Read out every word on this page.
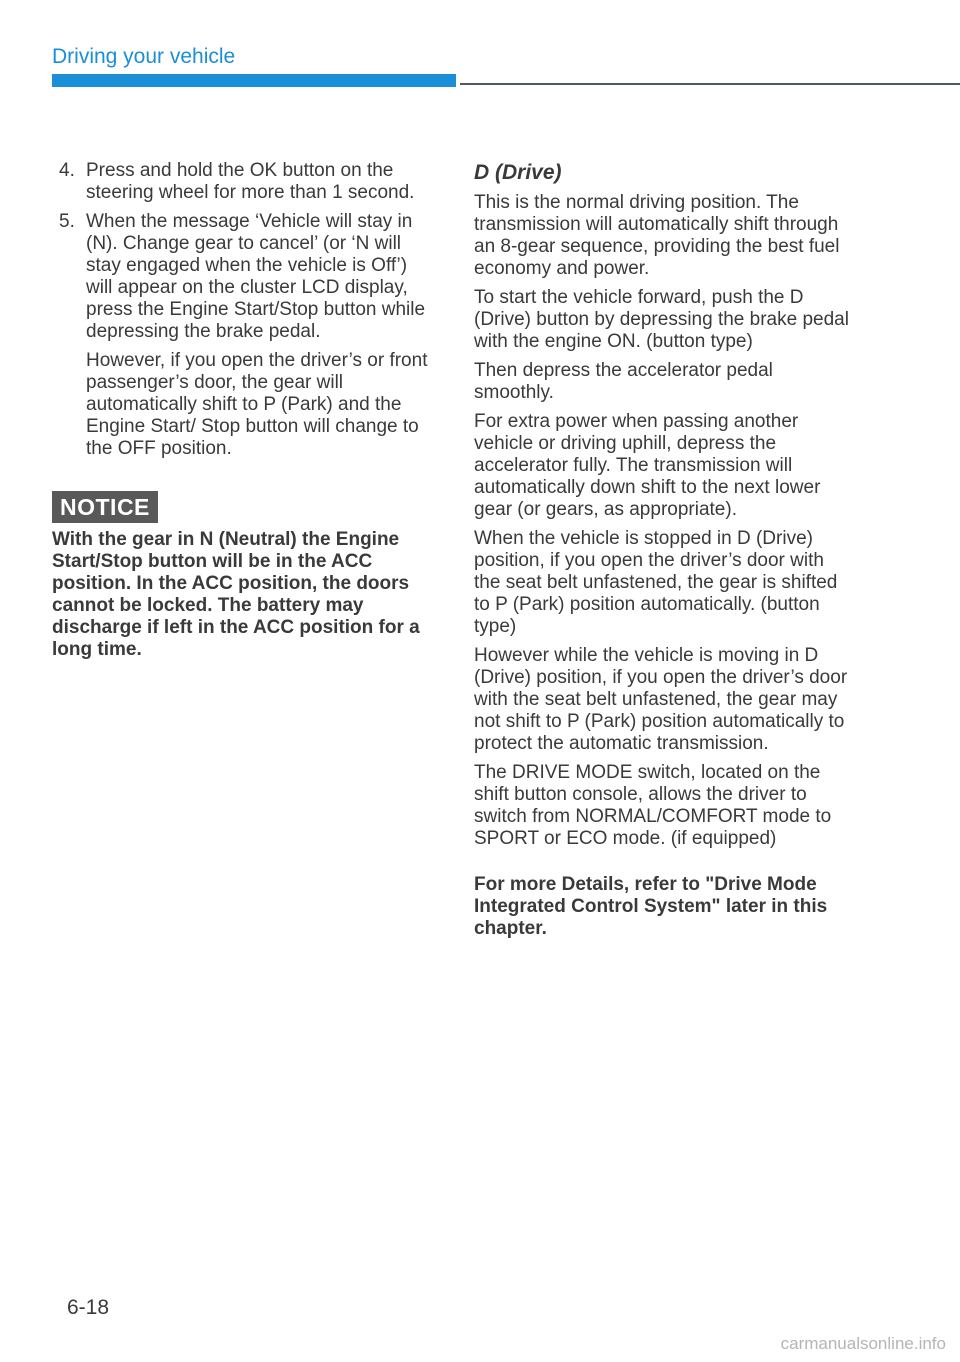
Driving your vehicle
4. Press and hold the OK button on the steering wheel for more than 1 second.
5. When the message ‘Vehicle will stay in (N). Change gear to cancel’ (or ‘N will stay engaged when the vehicle is Off’) will appear on the cluster LCD display, press the Engine Start/Stop button while depressing the brake pedal.
However, if you open the driver’s or front passenger’s door, the gear will automatically shift to P (Park) and the Engine Start/ Stop button will change to the OFF position.
NOTICE
With the gear in N (Neutral) the Engine Start/Stop button will be in the ACC position. In the ACC position, the doors cannot be locked. The battery may discharge if left in the ACC position for a long time.
D (Drive)
This is the normal driving position. The transmission will automatically shift through an 8-gear sequence, providing the best fuel economy and power.
To start the vehicle forward, push the D (Drive) button by depressing the brake pedal with the engine ON. (button type)
Then depress the accelerator pedal smoothly.
For extra power when passing another vehicle or driving uphill, depress the accelerator fully. The transmission will automatically down shift to the next lower gear (or gears, as appropriate).
When the vehicle is stopped in D (Drive) position, if you open the driver’s door with the seat belt unfastened, the gear is shifted to P (Park) position automatically. (button type)
However while the vehicle is moving in D (Drive) position, if you open the driver’s door with the seat belt unfastened, the gear may not shift to P (Park) position automatically to protect the automatic transmission.
The DRIVE MODE switch, located on the shift button console, allows the driver to switch from NORMAL/COMFORT mode to SPORT or ECO mode. (if equipped)
For more Details, refer to "Drive Mode Integrated Control System" later in this chapter.
6-18
carmanualsonline.info
